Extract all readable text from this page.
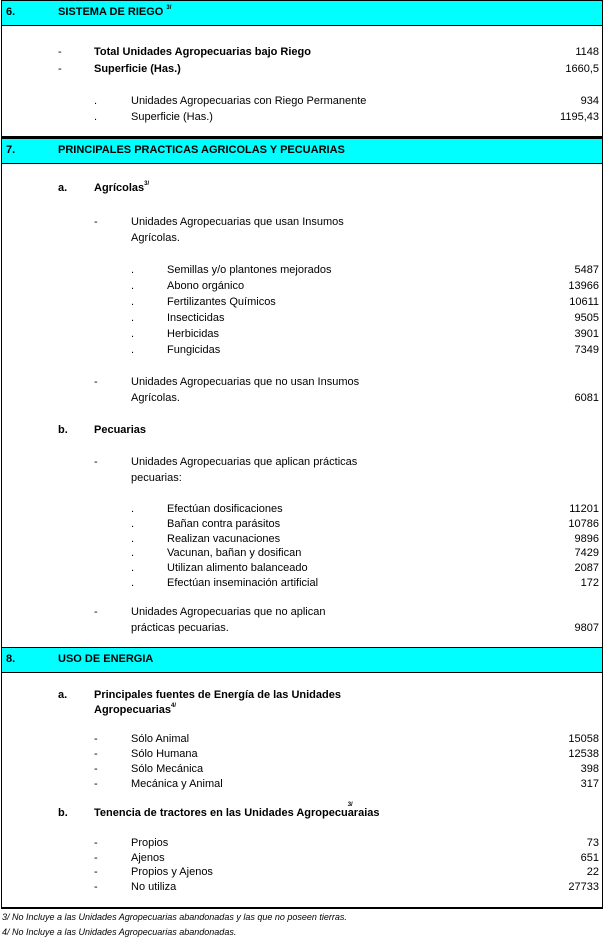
6.	SISTEMA DE RIEGO $^{3/}$
-	Total Unidades Agropecuarias bajo Riego	1148
-	Superficie (Has.)	1660,5
.	Unidades Agropecuarias con Riego Permanente	934
.	Superficie (Has.)	1195,43
7.	PRINCIPALES PRACTICAS AGRICOLAS Y PECUARIAS
a. Agrícolas$^{3/}$
-	Unidades Agropecuarias que usan Insumos
Agrícolas.
.	Semillas y/o plantones mejorados	5487
.	Abono orgánico	13966
.	Fertilizantes Químicos	10611
.	Insecticidas	9505
.	Herbicidas	3901
.	Fungicidas	7349
-	Unidades Agropecuarias que no usan Insumos
Agrícolas.	6081
b. Pecuarias
-	Unidades Agropecuarias que aplican prácticas
pecuarias:
.	Efectúan dosificaciones	11201
.	Bañan contra parásitos	10786
.	Realizan vacunaciones	9896
.	Vacunan, bañan y dosifican	7429
.	Utilizan alimento balanceado	2087
.	Efectúan inseminación artificial	172
-	Unidades Agropecuarias que no aplican
prácticas pecuarias.	9807
8.	USO DE ENERGIA
a. Principales fuentes de Energía de las Unidades
Agropecuarias$^{4/}$
-	Sólo Animal	15058
-	Sólo Humana	12538
-	Sólo Mecánica	398
-	Mecánica y Animal	317
b. Tenencia de tractores en las Unidades Agropecu
3/
araias
-	Propios	73
-	Ajenos	651
-	Propios y Ajenos	22
-	No utiliza	27733
3/ No Incluye a las Unidades Agropecuarias abandonadas y las que no poseen tierras.
4/ No Incluye a las Unidades Agropecuarias abandonadas.
